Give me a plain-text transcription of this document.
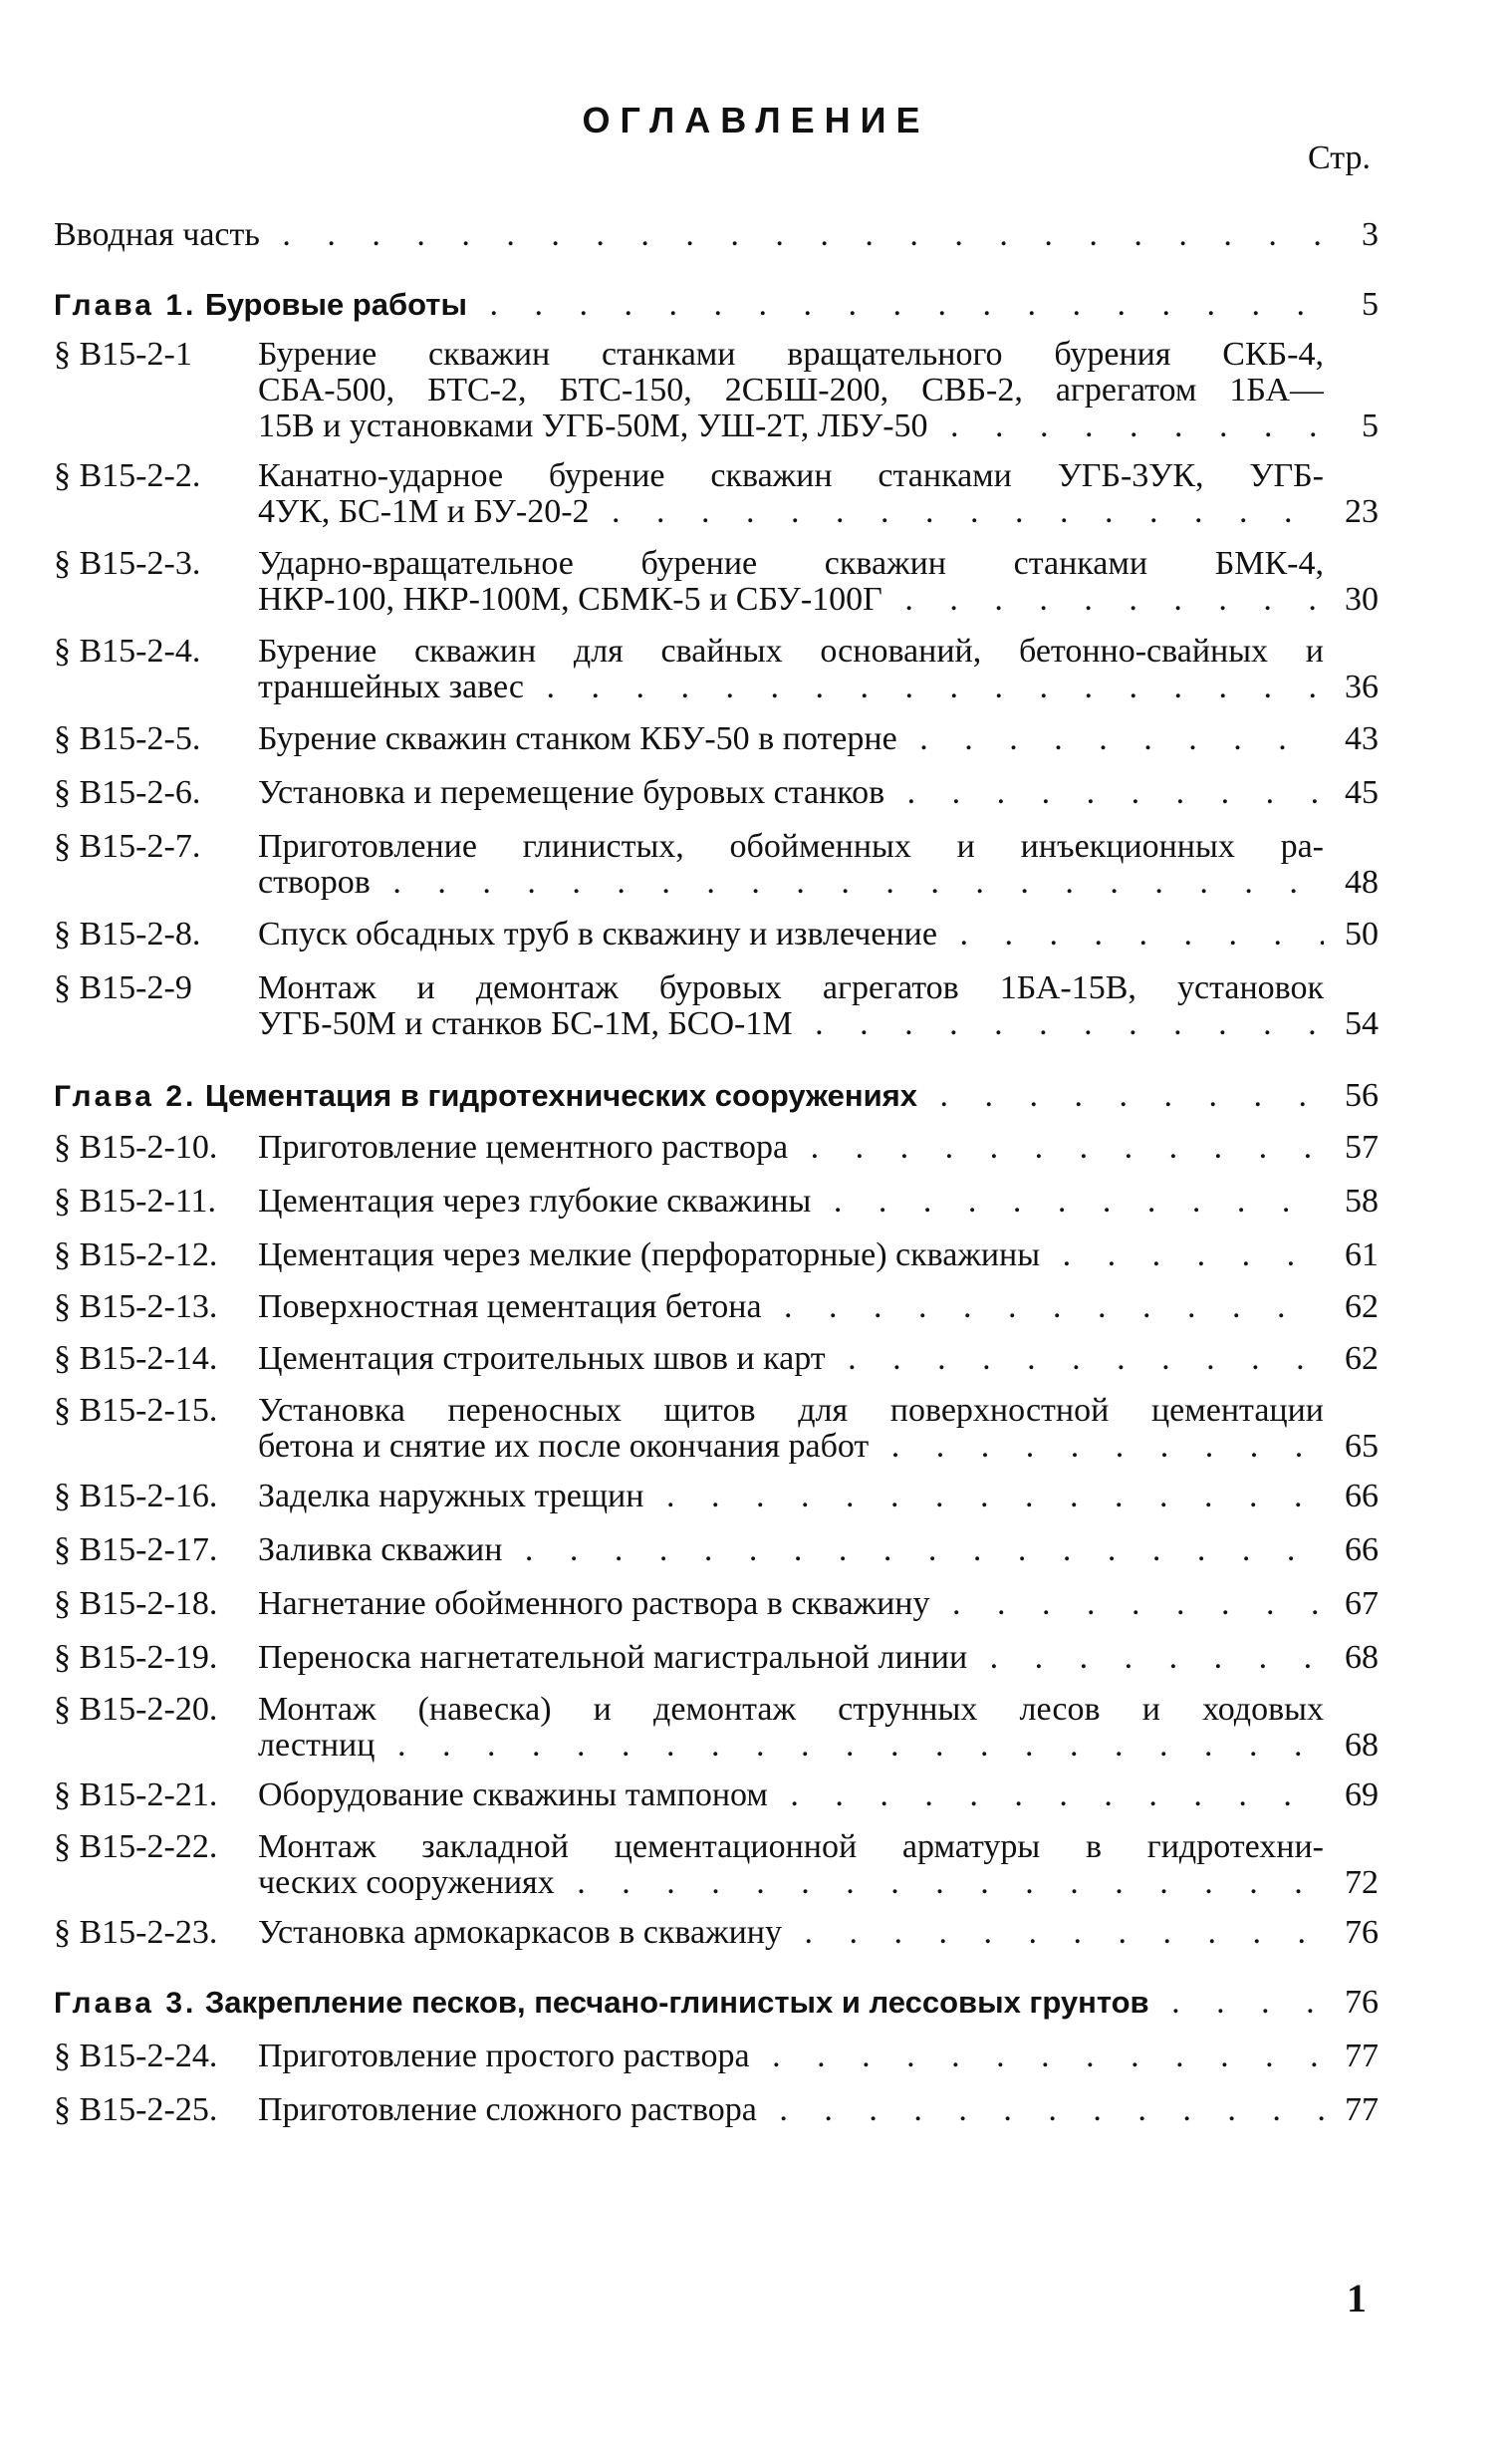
ОГЛАВЛЕНИЕ
Стр.
Вводная часть . . .	3
Глава 1. Буровые работы . . .	5
§ В15-2-1 Бурение скважин станками вращательного бурения СКБ-4,
СБА-500, БТС-2, БТС-150, 2СБШ-200, СВБ-2, агрегатом 1БА—
15В и установками УГБ-50М, УШ-2Т, ЛБУ-50 . . .	5
§ В15-2-2. Канатно-ударное бурение скважин станками УГБ-3УК, УГБ-
4УК, БС-1М и БУ-20-2 . . .	23
§ В15-2-3. Ударно-вращательное бурение скважин станками БМК-4,
НКР-100, НКР-100М, СБМК-5 и СБУ-100Г . . .	30
§ В15-2-4. Бурение скважин для свайных оснований, бетонно-свайных и
траншейных завес . . .	36
§ В15-2-5. Бурение скважин станком КБУ-50 в потерне . . .	43
§ В15-2-6. Установка и перемещение буровых станков . . .	45
§ В15-2-7. Приготовление глинистых, обойменных и инъекционных ра-
створов . . .	48
§ В15-2-8. Спуск обсадных труб в скважину и извлечение . . .	50
§ В15-2-9 Монтаж и демонтаж буровых агрегатов 1БА-15В, установок
УГБ-50М и станков БС-1М, БСО-1М . . .	54
Глава 2. Цементация в гидротехнических сооружениях . . .	56
§ В15-2-10. Приготовление цементного раствора . . .	57
§ В15-2-11. Цементация через глубокие скважины . . .	58
§ В15-2-12. Цементация через мелкие (перфораторные) скважины . . .	61
§ В15-2-13. Поверхностная цементация бетона . . .	62
§ В15-2-14. Цементация строительных швов и карт . . .	62
§ В15-2-15. Установка переносных щитов для поверхностной цементации
бетона и снятие их после окончания работ . . .	65
§ В15-2-16. Заделка наружных трещин . . .	66
§ В15-2-17. Заливка скважин . . .	66
§ В15-2-18. Нагнетание обойменного раствора в скважину . . .	67
§ В15-2-19. Переноска нагнетательной магистральной линии . . .	68
§ В15-2-20. Монтаж (навеска) и демонтаж струнных лесов и ходовых
лестниц . . .	68
§ В15-2-21. Оборудование скважины тампоном . . .	69
§ В15-2-22. Монтаж закладной цементационной арматуры в гидротехни-
ческих сооружениях . . .	72
§ В15-2-23. Установка армокаркасов в скважину . . .	76
Глава 3. Закрепление песков, песчано-глинистых и лессовых грунтов . . .	76
§ В15-2-24. Приготовление простого раствора . . .	77
§ В15-2-25. Приготовление сложного раствора . . .	77
1
